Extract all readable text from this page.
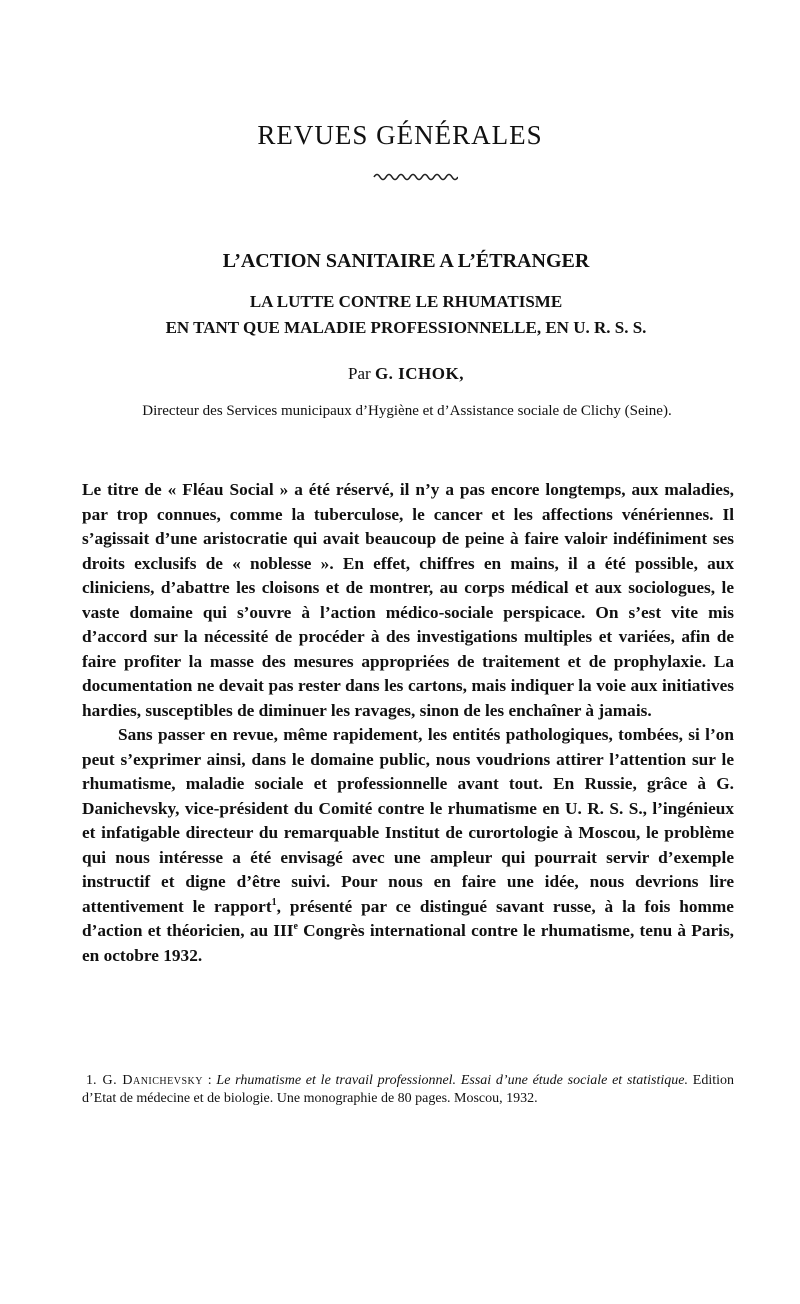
REVUES GÉNÉRALES
L’ACTION SANITAIRE A L’ÉTRANGER
LA LUTTE CONTRE LE RHUMATISME
EN TANT QUE MALADIE PROFESSIONNELLE, EN U. R. S. S.
Par G. ICHOK,
Directeur des Services municipaux d’Hygiène et d’Assistance sociale de Clichy (Seine).

Le titre de « Fléau Social » a été réservé, il n’y a pas encore longtemps, aux maladies, par trop connues, comme la tuberculose, le cancer et les affections vénériennes. Il s’agissait d’une aristocratie qui avait beaucoup de peine à faire valoir indéfiniment ses droits exclusifs de « noblesse ». En effet, chiffres en mains, il a été possible, aux cliniciens, d’abattre les cloisons et de montrer, au corps médical et aux sociologues, le vaste domaine qui s’ouvre à l’action médico-sociale perspicace. On s’est vite mis d’accord sur la nécessité de procéder à des investigations multiples et variées, afin de faire profiter la masse des mesures appropriées de traitement et de prophylaxie. La documentation ne devait pas rester dans les cartons, mais indiquer la voie aux initiatives hardies, susceptibles de diminuer les ravages, sinon de les enchaîner à jamais.

Sans passer en revue, même rapidement, les entités pathologiques, tombées, si l’on peut s’exprimer ainsi, dans le domaine public, nous voudrions attirer l’attention sur le rhumatisme, maladie sociale et professionnelle avant tout. En Russie, grâce à G. Danichevsky, vice-président du Comité contre le rhumatisme en U. R. S. S., l’ingénieux et infatigable directeur du remarquable Institut de curortologie à Moscou, le problème qui nous intéresse a été envisagé avec une ampleur qui pourrait servir d’exemple instructif et digne d’être suivi. Pour nous en faire une idée, nous devrions lire attentivement le rapport$^1$, présenté par ce distingué savant russe, à la fois homme d’action et théoricien, au IIIe Congrès international contre le rhumatisme, tenu à Paris, en octobre 1932.

1. G. Danichevsky : Le rhumatisme et le travail professionnel. Essai d’une étude sociale et statistique. Edition d’Etat de médecine et de biologie. Une monographie de 80 pages. Moscou, 1932.
